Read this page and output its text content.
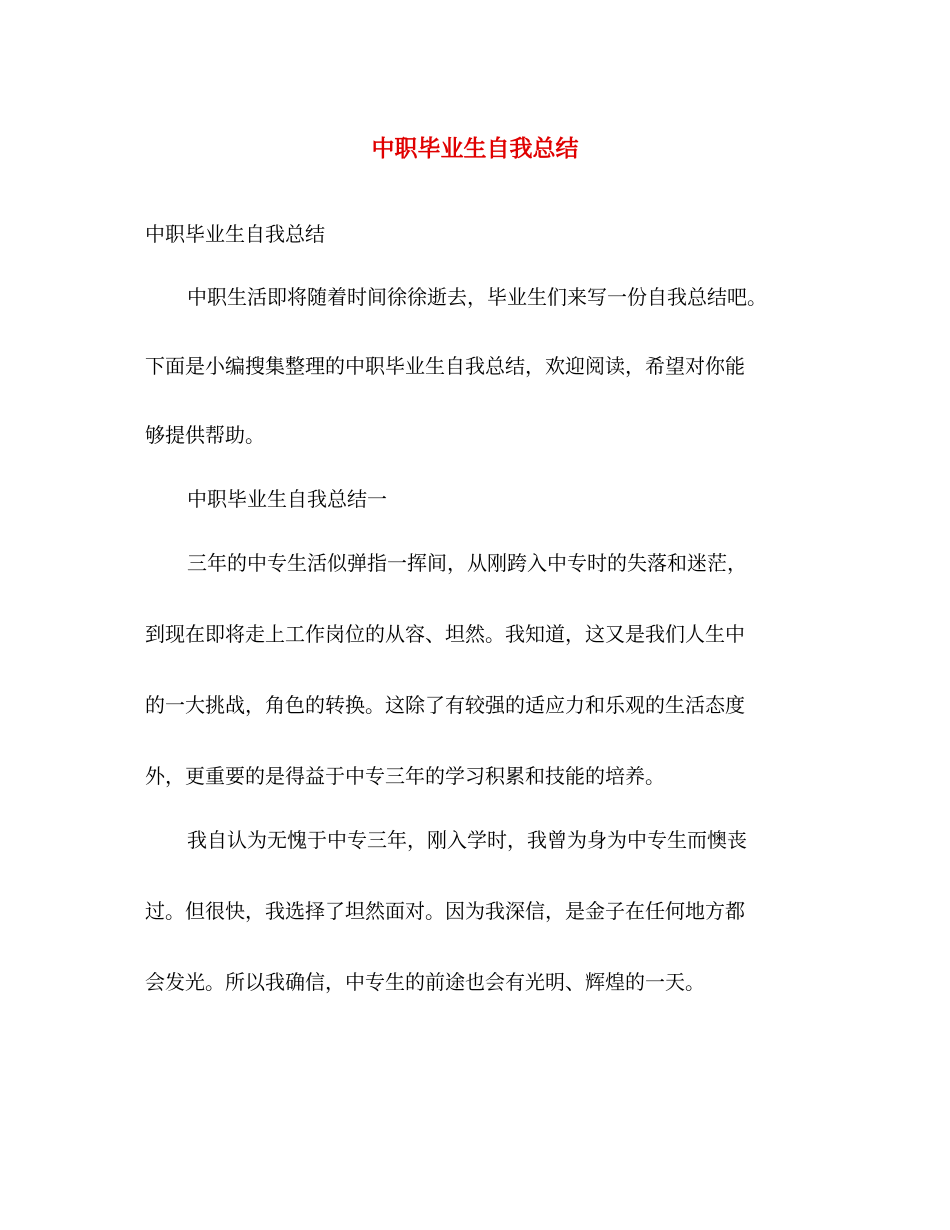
中职毕业生自我总结
中职毕业生自我总结
中职生活即将随着时间徐徐逝去，毕业生们来写一份自我总结吧。
下面是小编搜集整理的中职毕业生自我总结，欢迎阅读，希望对你能
够提供帮助。
中职毕业生自我总结一
三年的中专生活似弹指一挥间，从刚跨入中专时的失落和迷茫，
到现在即将走上工作岗位的从容、坦然。我知道，这又是我们人生中
的一大挑战，角色的转换。这除了有较强的适应力和乐观的生活态度
外，更重要的是得益于中专三年的学习积累和技能的培养。
我自认为无愧于中专三年，刚入学时，我曾为身为中专生而懊丧
过。但很快，我选择了坦然面对。因为我深信，是金子在任何地方都
会发光。所以我确信，中专生的前途也会有光明、辉煌的一天。
